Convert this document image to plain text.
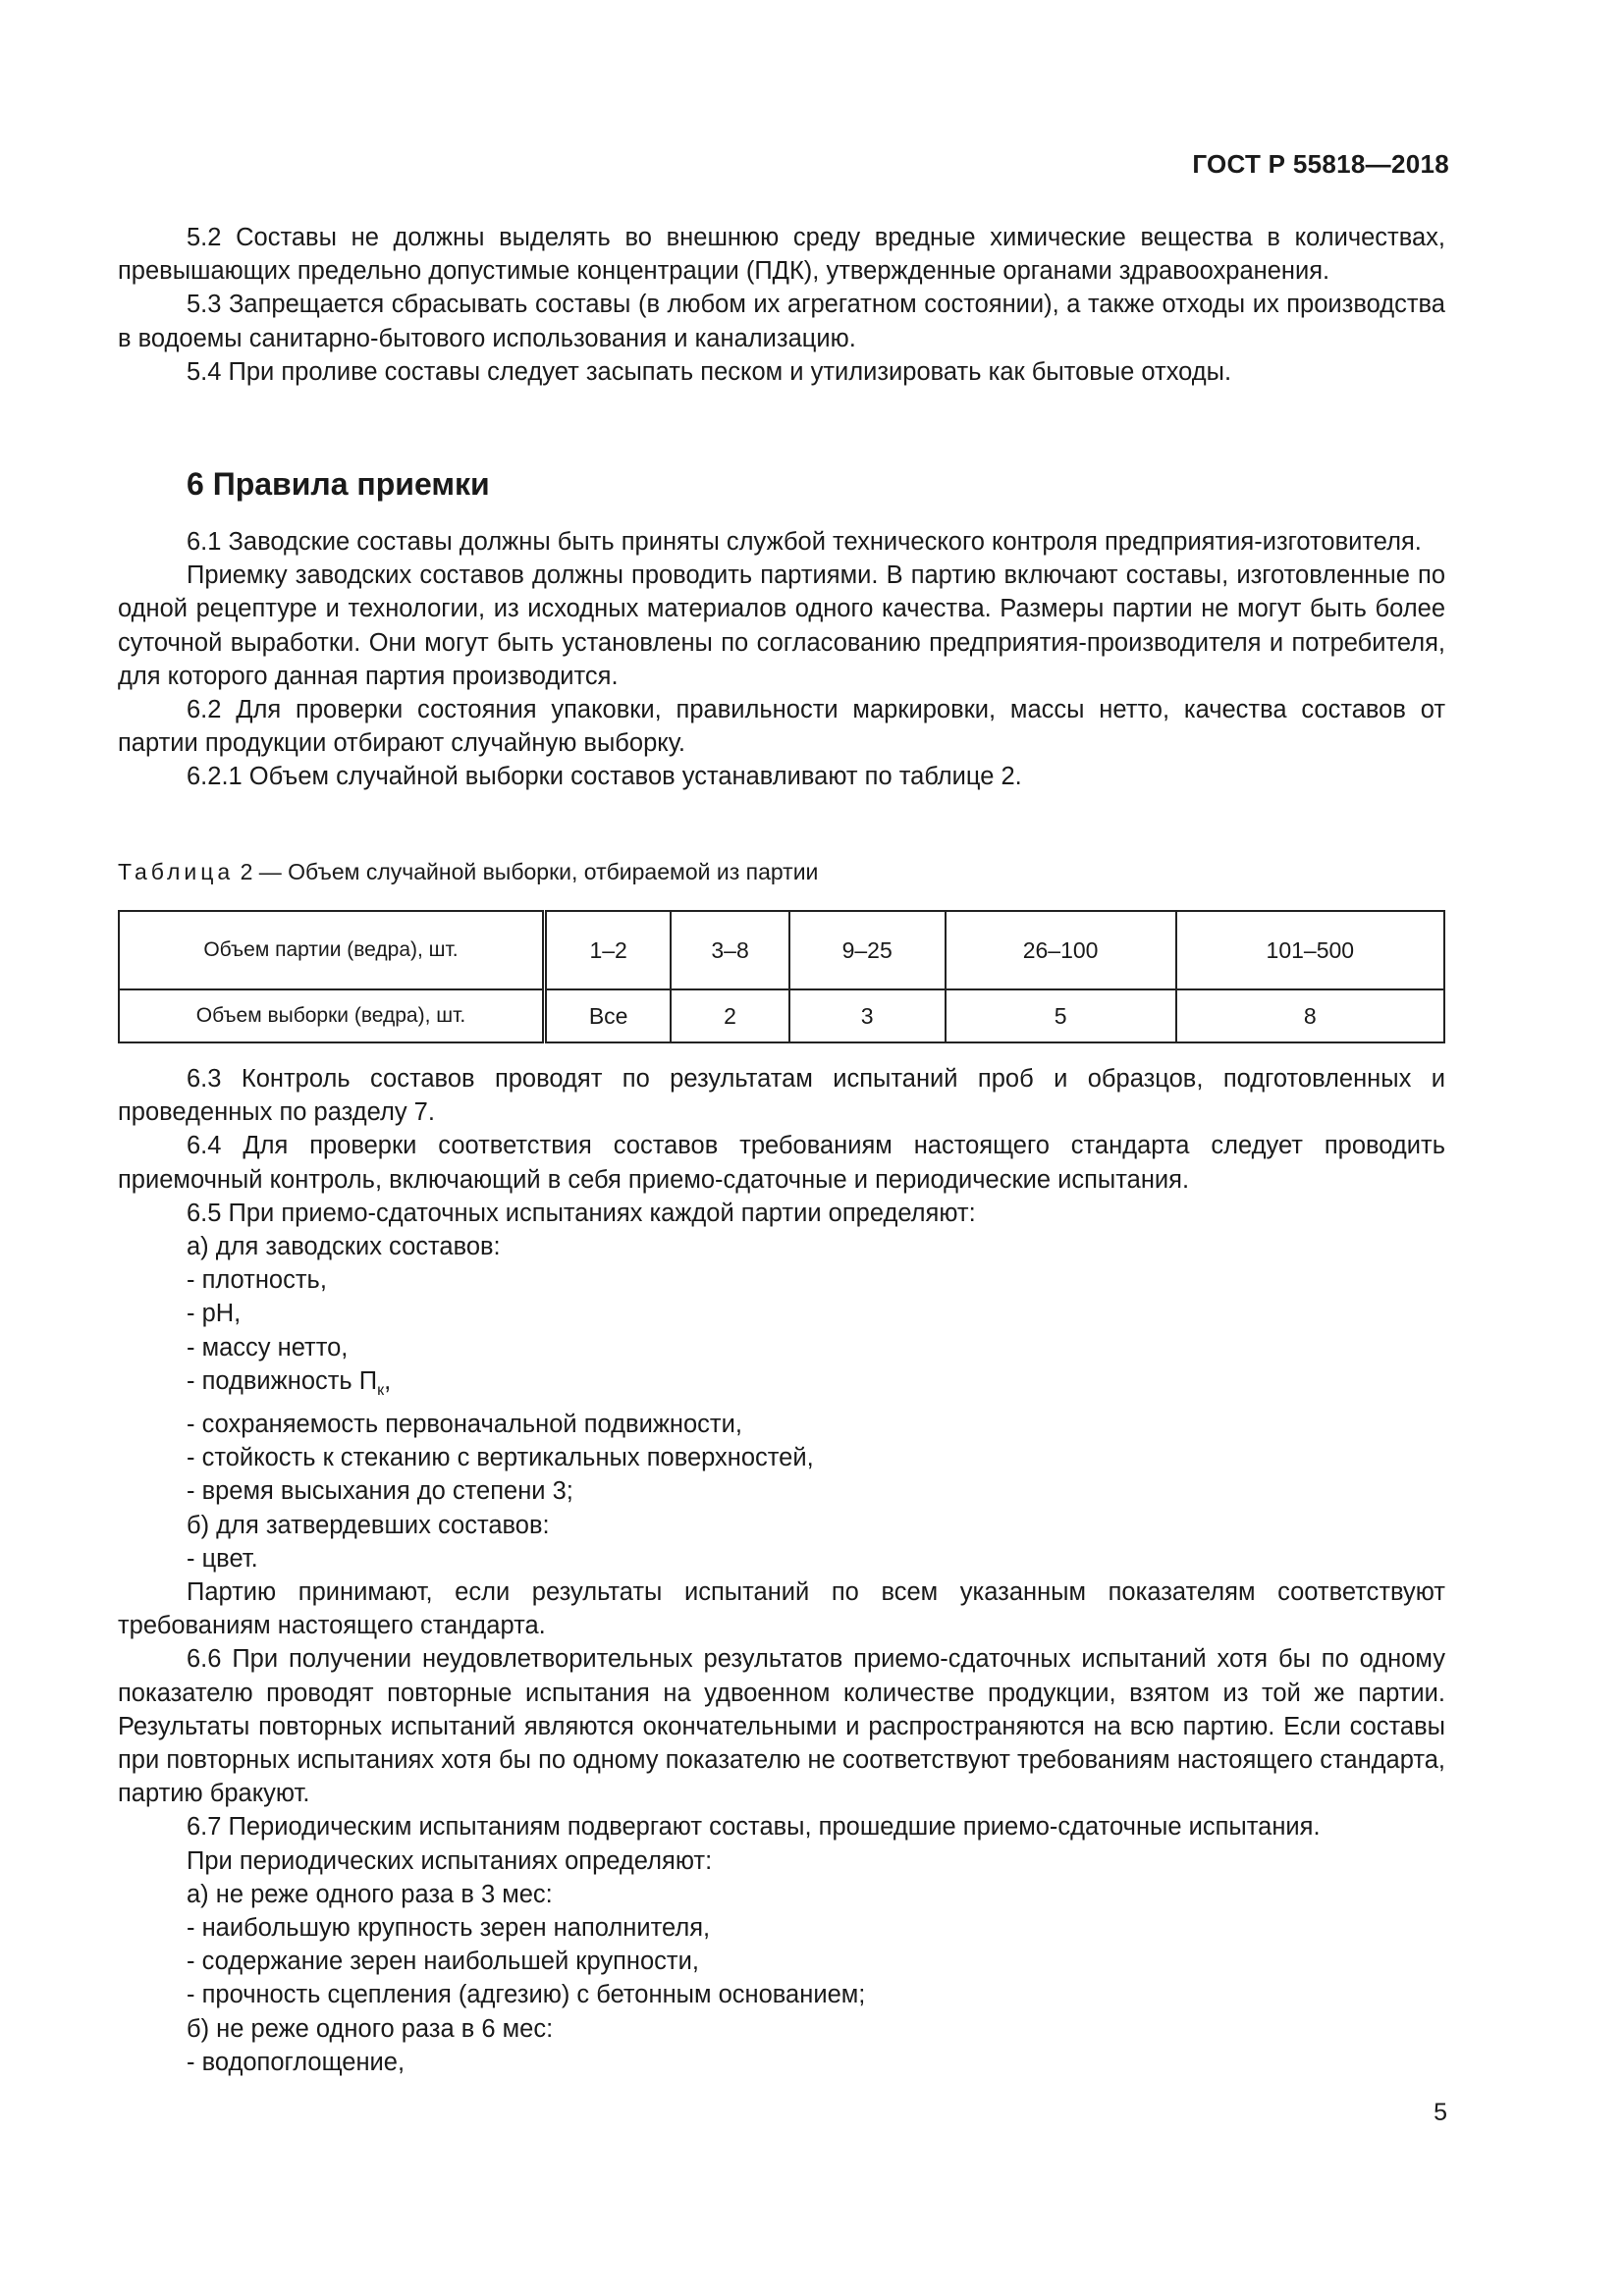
ГОСТ Р 55818—2018

5.2 Составы не должны выделять во внешнюю среду вредные химические вещества в количествах, превышающих предельно допустимые концентрации (ПДК), утвержденные органами здравоохранения.

5.3 Запрещается сбрасывать составы (в любом их агрегатном состоянии), а также отходы их производства в водоемы санитарно-бытового использования и канализацию.

5.4 При проливе составы следует засыпать песком и утилизировать как бытовые отходы.

6 Правила приемки

6.1 Заводские составы должны быть приняты службой технического контроля предприятия-изготовителя.

Приемку заводских составов должны проводить партиями. В партию включают составы, изготовленные по одной рецептуре и технологии, из исходных материалов одного качества. Размеры партии не могут быть более суточной выработки. Они могут быть установлены по согласованию предприятия-производителя и потребителя, для которого данная партия производится.

6.2 Для проверки состояния упаковки, правильности маркировки, массы нетто, качества составов от партии продукции отбирают случайную выборку.

6.2.1 Объем случайной выборки составов устанавливают по таблице 2.

Таблица 2 — Объем случайной выборки, отбираемой из партии
Объем партии (ведра), шт.	1–2	3–8	9–25	26–100	101–500
Объем выборки (ведра), шт.	Все	2	3	5	8

6.3 Контроль составов проводят по результатам испытаний проб и образцов, подготовленных и проведенных по разделу 7.

6.4 Для проверки соответствия составов требованиям настоящего стандарта следует проводить приемочный контроль, включающий в себя приемо-сдаточные и периодические испытания.

6.5 При приемо-сдаточных испытаниях каждой партии определяют:

а) для заводских составов:

- плотность,

- рН,

- массу нетто,

- подвижность $П_к$,

- сохраняемость первоначальной подвижности,

- стойкость к стеканию с вертикальных поверхностей,

- время высыхания до степени 3;

б) для затвердевших составов:

- цвет.

Партию принимают, если результаты испытаний по всем указанным показателям соответствуют требованиям настоящего стандарта.

6.6 При получении неудовлетворительных результатов приемо-сдаточных испытаний хотя бы по одному показателю проводят повторные испытания на удвоенном количестве продукции, взятом из той же партии. Результаты повторных испытаний являются окончательными и распространяются на всю партию. Если составы при повторных испытаниях хотя бы по одному показателю не соответствуют требованиям настоящего стандарта, партию бракуют.

6.7 Периодическим испытаниям подвергают составы, прошедшие приемо-сдаточные испытания.

При периодических испытаниях определяют:

а) не реже одного раза в 3 мес:

- наибольшую крупность зерен наполнителя,

- содержание зерен наибольшей крупности,

- прочность сцепления (адгезию) с бетонным основанием;

б) не реже одного раза в 6 мес:

- водопоглощение,

5
